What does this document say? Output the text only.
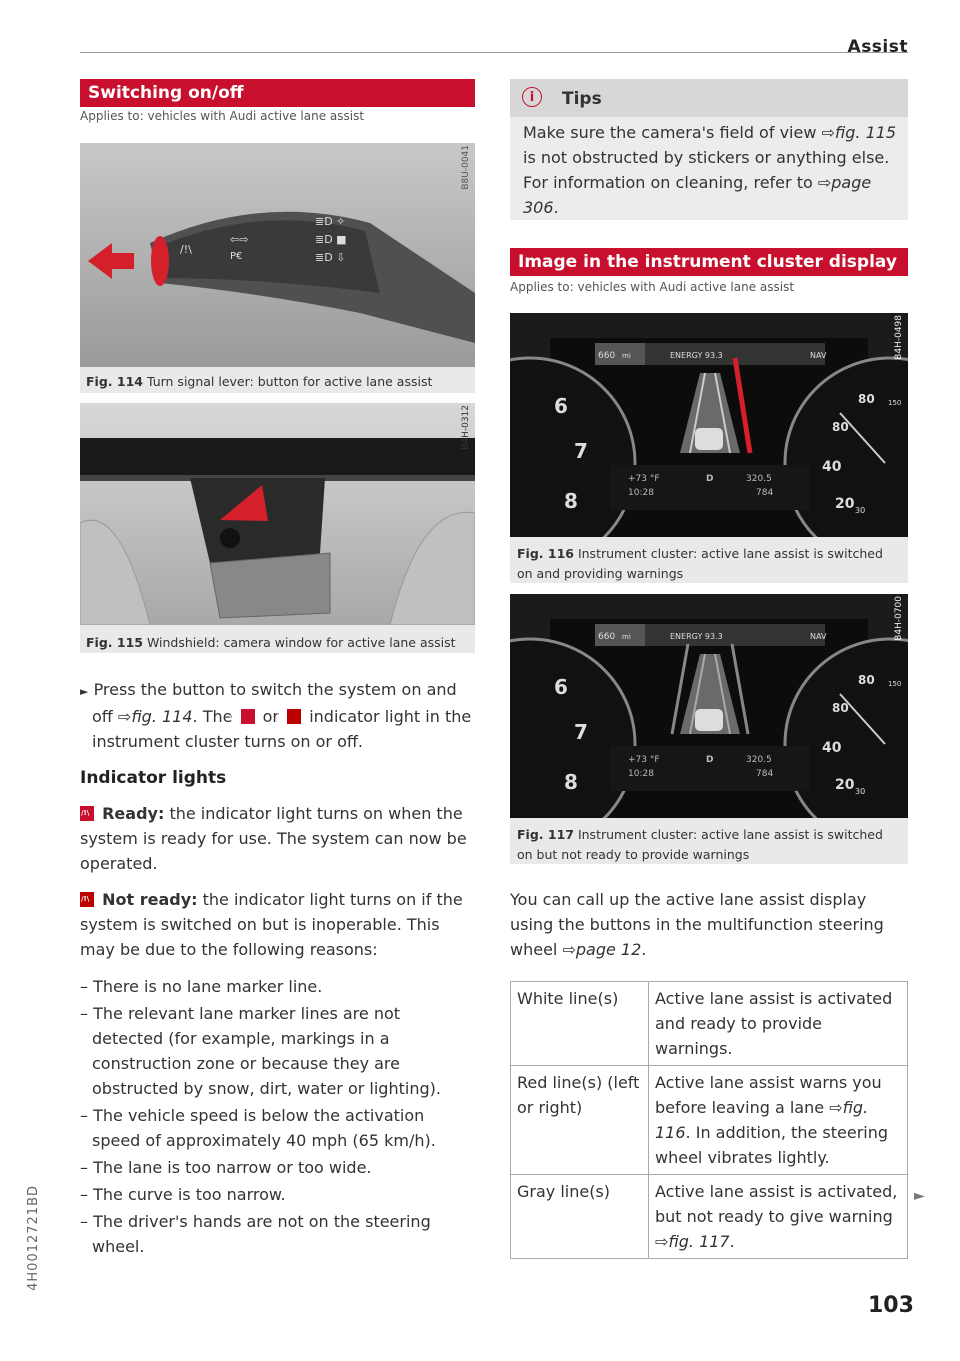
Assist
Switching on/off
Applies to: vehicles with Audi active lane assist
/!\
⇦⇨
P€
≣D ✧
≣D ■
≣D ⇩
B8U-0041
Fig. 114 Turn signal lever: button for active lane assist
B4H-0312
Fig. 115 Windshield: camera window for active lane assist
► Press the button to switch the system on and off ⇨fig. 114. The /!\ or /!\ indicator light in the instrument cluster turns on or off.
Indicator lights
/!\ Ready: the indicator light turns on when the system is ready for use. The system can now be operated.
/!\ Not ready: the indicator light turns on if the system is switched on but is inoperable. This may be due to the following reasons:
– There is no lane marker line.
– The relevant lane marker lines are not detected (for example, markings in a construction zone or because they are obstructed by snow, dirt, water or lighting).
– The vehicle speed is below the activation speed of approximately 40 mph (65 km/h).
– The lane is too narrow or too wide.
– The curve is too narrow.
– The driver's hands are not on the steering wheel.
i	Tips
Make sure the camera's field of view ⇨fig. 115 is not obstructed by stickers or anything else. For information on cleaning, refer to ⇨page 306.
Image in the instrument cluster display
Applies to: vehicles with Audi active lane assist
660 mi	ENERGY 93.3	NAV
+73 °F
10:28
D	320.5
784
6
7
8
80
80
40
20 30
150
B4H-0498
Fig. 116 Instrument cluster: active lane assist is switched on and providing warnings
660 mi	ENERGY 93.3	NAV
+73 °F
10:28
D	320.5
784
6
7
8
80
80
40
20 30
150
B4H-0700
Fig. 117 Instrument cluster: active lane assist is switched on but not ready to provide warnings
You can call up the active lane assist display using the buttons in the multifunction steering wheel ⇨page 12.
White line(s)	Active lane assist is activated and ready to provide warnings.
Red line(s) (left or right)	Active lane assist warns you before leaving a lane ⇨fig. 116. In addition, the steering wheel vibrates lightly.
Gray line(s)	Active lane assist is activated, but not ready to give warning ⇨fig. 117.
►
4H0012721BD
103
